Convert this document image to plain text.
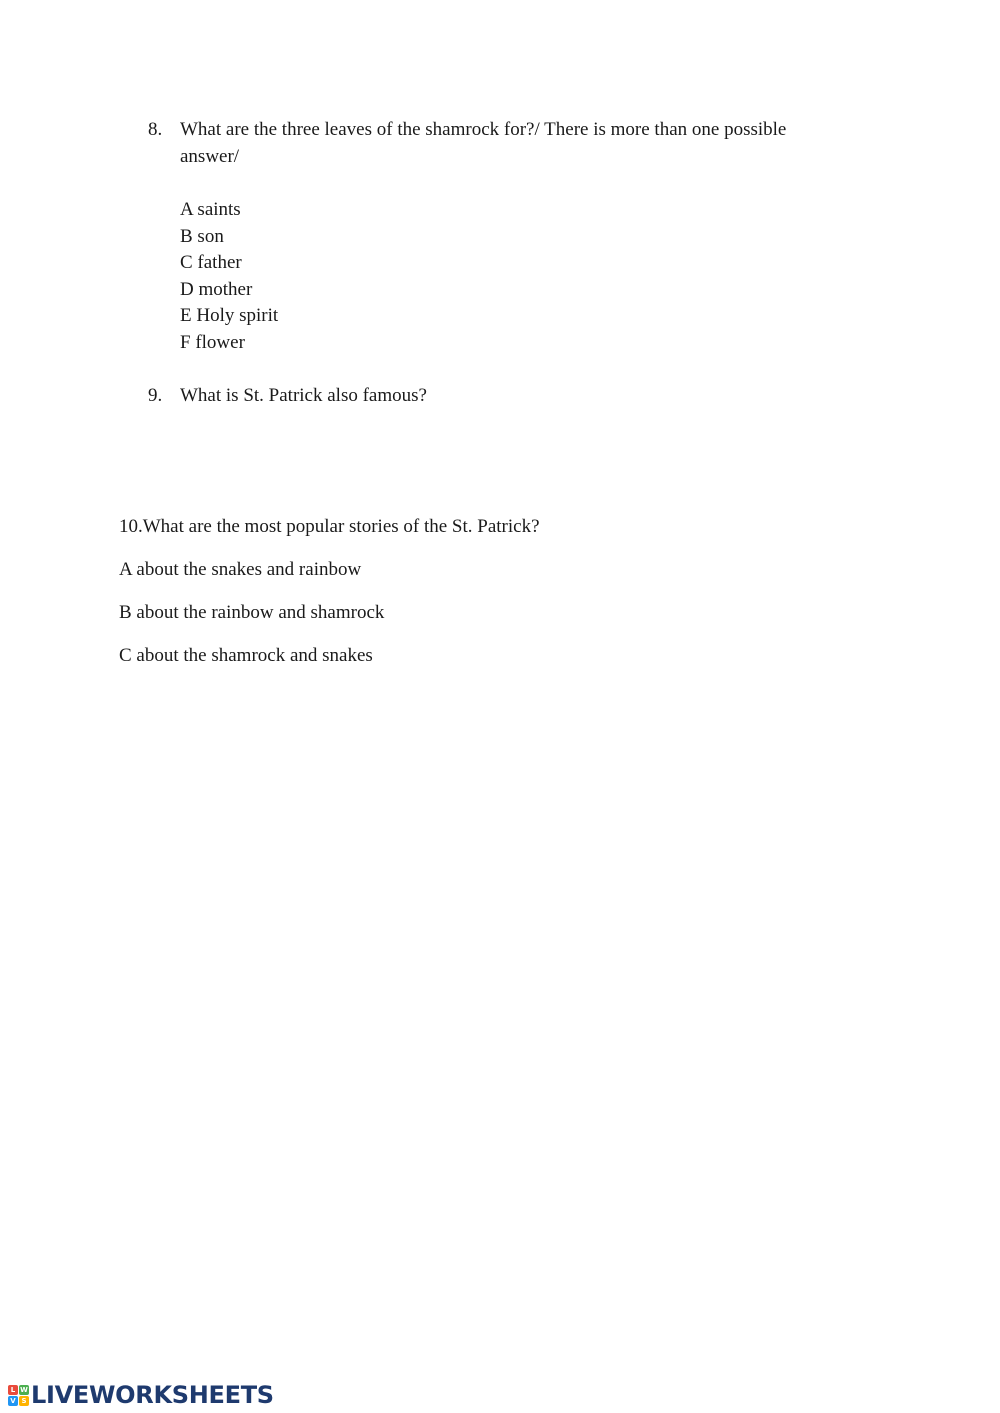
8. What are the three leaves of the shamrock for?/ There is more than one possible
answer/
A saints
B son
C father
D mother
E Holy spirit
F flower
9. What is St. Patrick also famous?
10.What are the most popular stories of the St. Patrick?
A about the snakes and rainbow
B about the rainbow and shamrock
C about the shamrock and snakes
L W
V S LIVEWORKSHEETS
